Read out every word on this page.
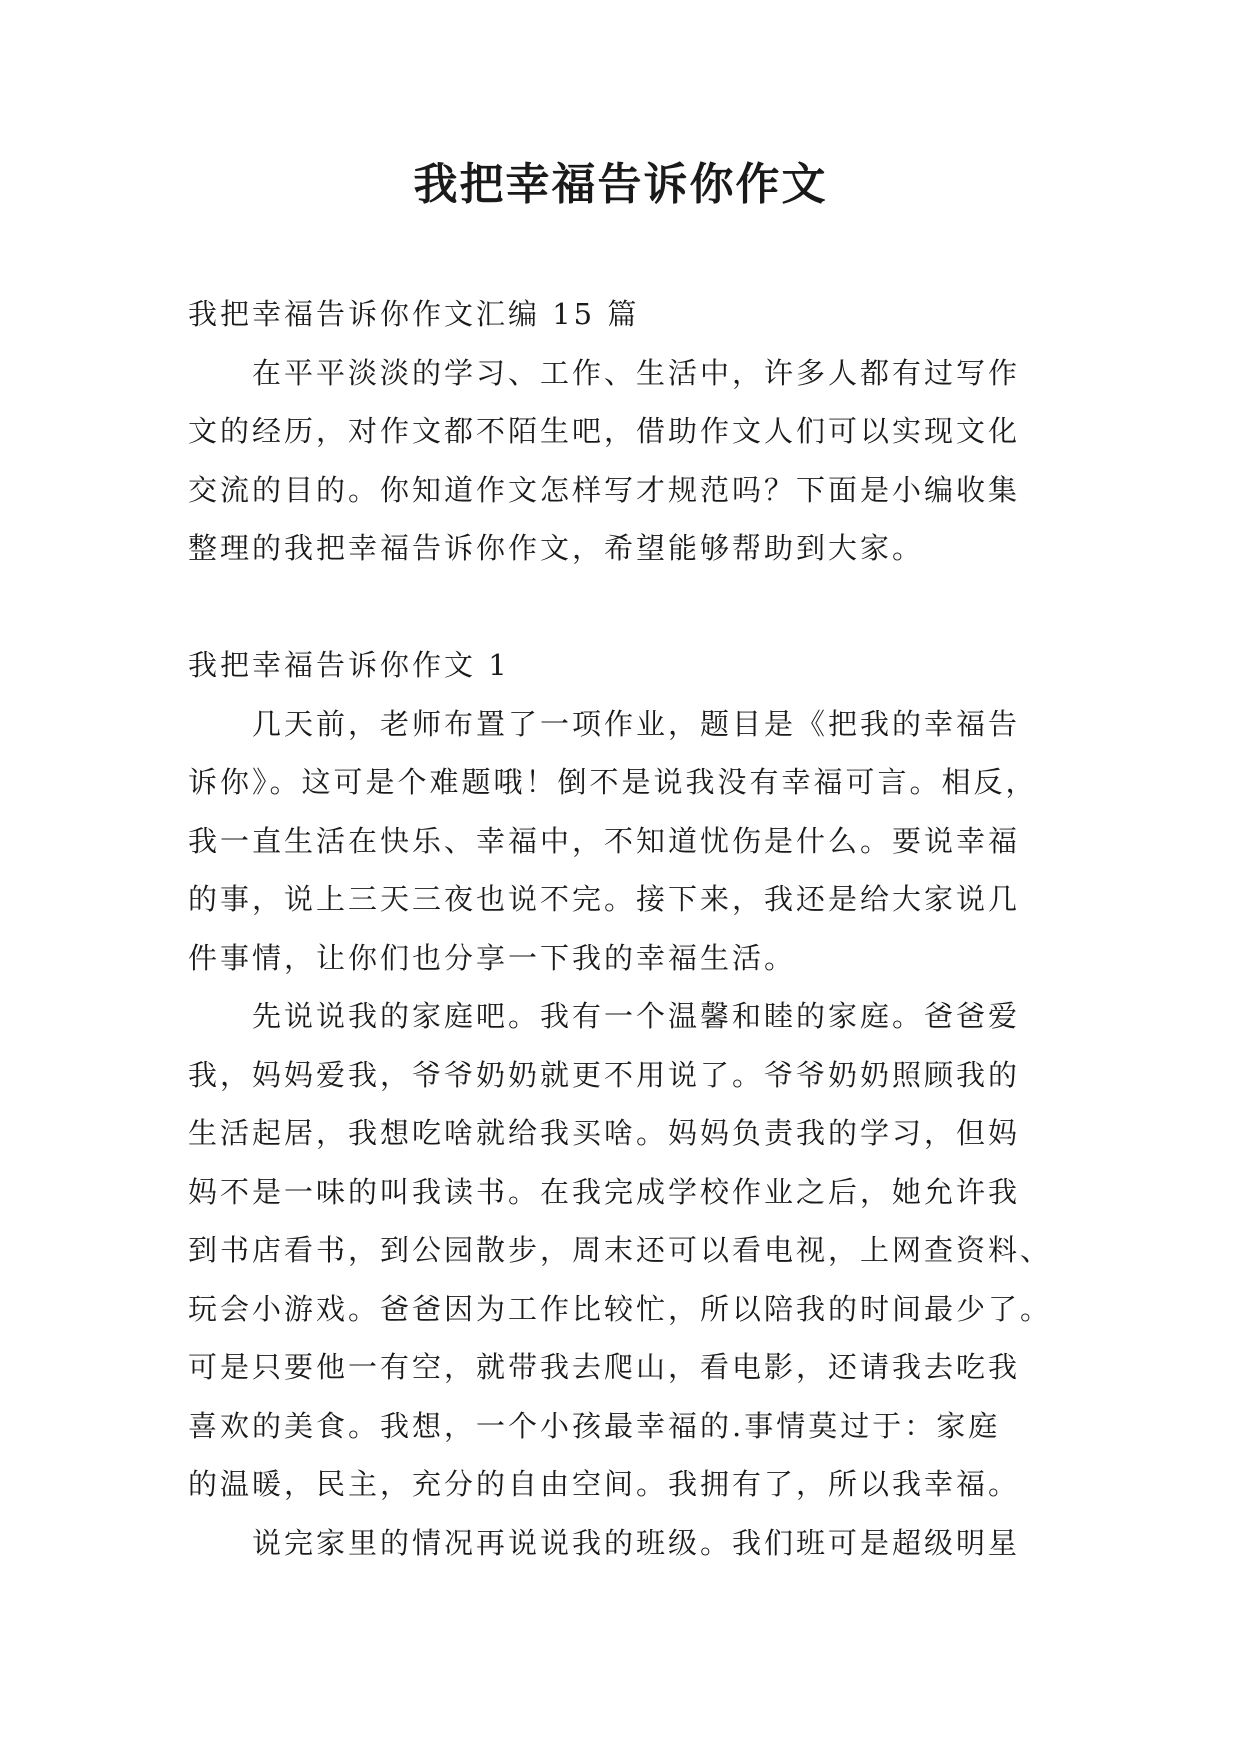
我把幸福告诉你作文
我把幸福告诉你作文汇编 15 篇
在平平淡淡的学习、工作、生活中，许多人都有过写作
文的经历，对作文都不陌生吧，借助作文人们可以实现文化
交流的目的。你知道作文怎样写才规范吗？下面是小编收集
整理的我把幸福告诉你作文，希望能够帮助到大家。
我把幸福告诉你作文 1
几天前，老师布置了一项作业，题目是《把我的幸福告
诉你》。这可是个难题哦！倒不是说我没有幸福可言。相反，
我一直生活在快乐、幸福中，不知道忧伤是什么。要说幸福
的事，说上三天三夜也说不完。接下来，我还是给大家说几
件事情，让你们也分享一下我的幸福生活。
先说说我的家庭吧。我有一个温馨和睦的家庭。爸爸爱
我，妈妈爱我，爷爷奶奶就更不用说了。爷爷奶奶照顾我的
生活起居，我想吃啥就给我买啥。妈妈负责我的学习，但妈
妈不是一味的叫我读书。在我完成学校作业之后，她允许我
到书店看书，到公园散步，周末还可以看电视，上网查资料、
玩会小游戏。爸爸因为工作比较忙，所以陪我的时间最少了。
可是只要他一有空，就带我去爬山，看电影，还请我去吃我
喜欢的美食。我想，一个小孩最幸福的.事情莫过于：家庭
的温暖，民主，充分的自由空间。我拥有了，所以我幸福。
说完家里的情况再说说我的班级。我们班可是超级明星
